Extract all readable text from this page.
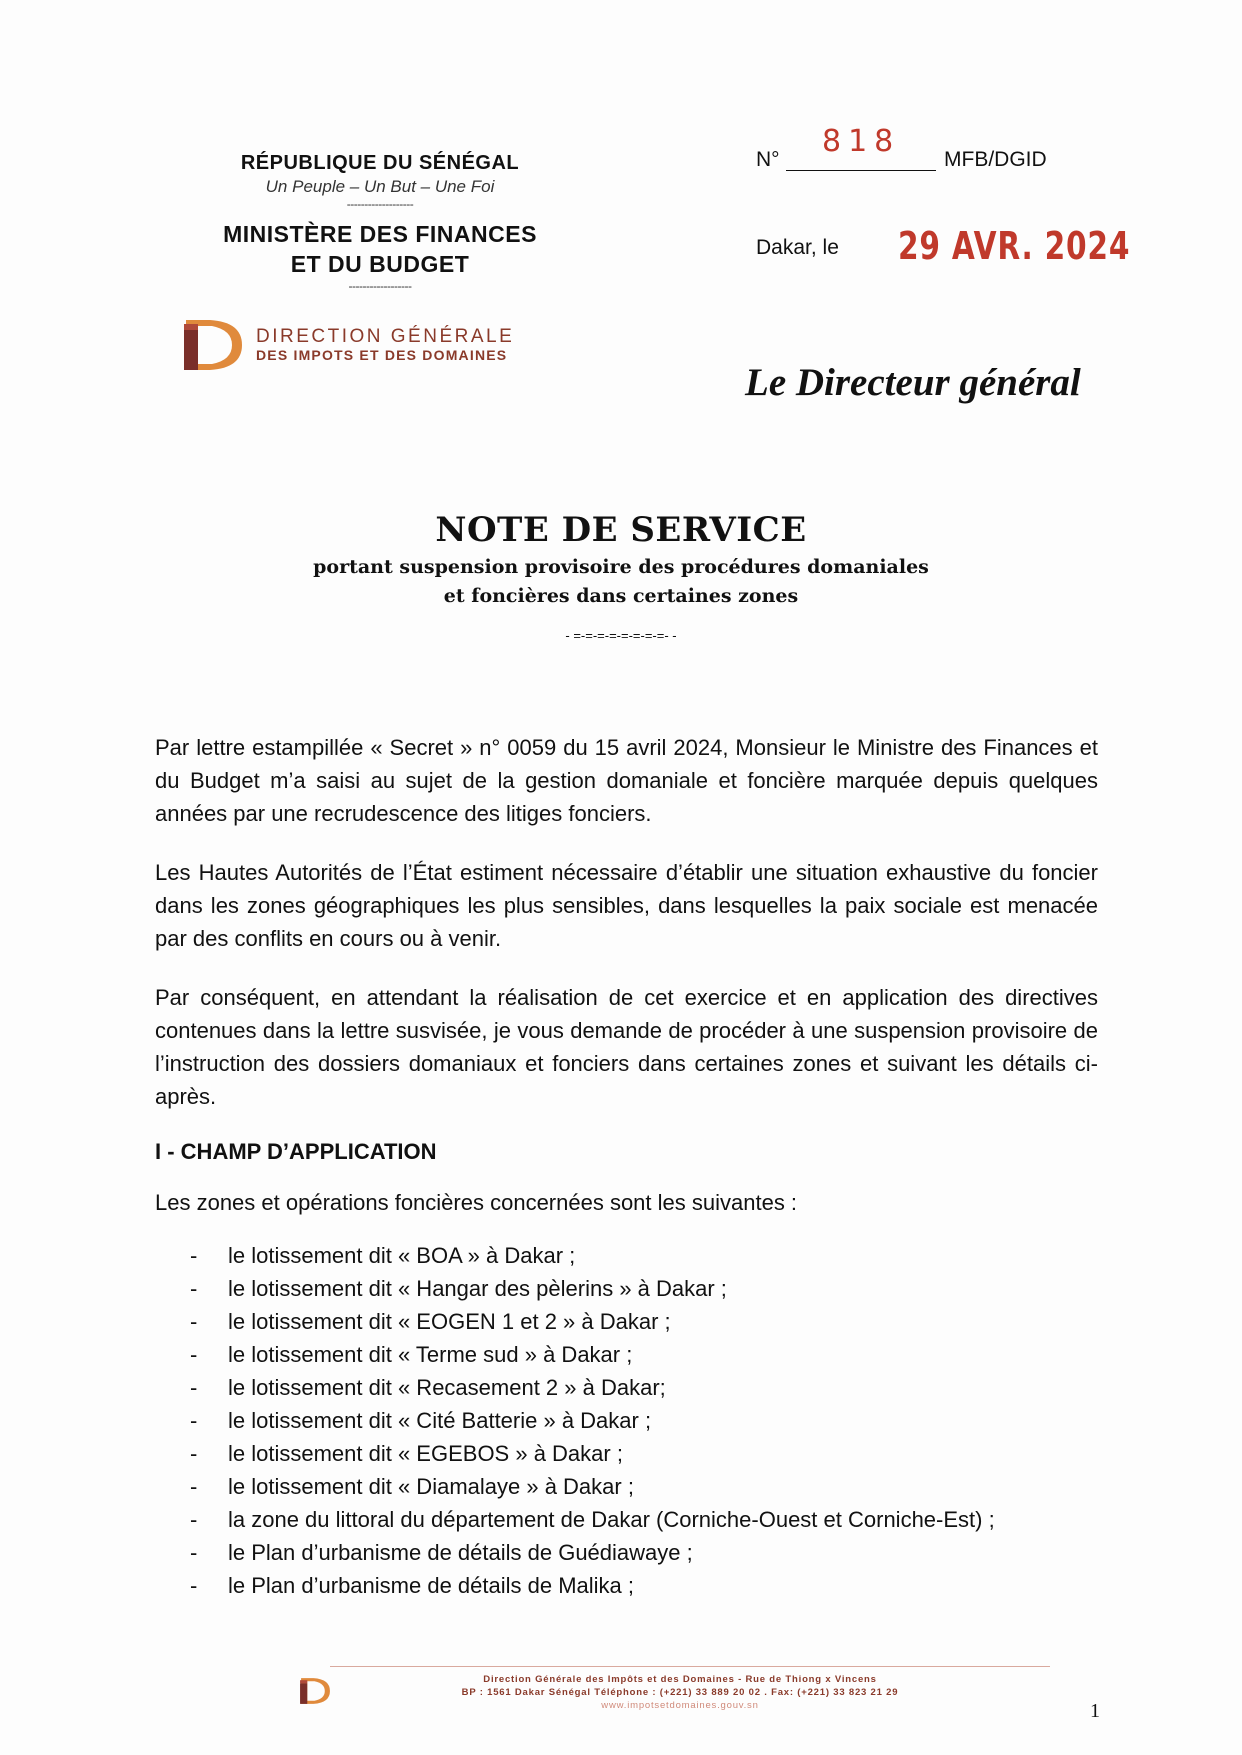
RÉPUBLIQUE DU SÉNÉGAL
Un Peuple – Un But – Une Foi
-------------------
MINISTÈRE DES FINANCES
ET DU BUDGET
------------------
DIRECTION GÉNÉRALE
DES IMPOTS ET DES DOMAINES
N°
818
MFB/DGID
Dakar, le 29 AVR. 2024
Le Directeur général
NOTE DE SERVICE
portant suspension provisoire des procédures domaniales
et foncières dans certaines zones
- =-=-=-=-=-=-=-=- -

Par lettre estampillée « Secret » n° 0059 du 15 avril 2024, Monsieur le Ministre des Finances et du Budget m’a saisi au sujet de la gestion domaniale et foncière marquée depuis quelques années par une recrudescence des litiges fonciers.

Les Hautes Autorités de l’État estiment nécessaire d’établir une situation exhaustive du foncier dans les zones géographiques les plus sensibles, dans lesquelles la paix sociale est menacée par des conflits en cours ou à venir.

Par conséquent, en attendant la réalisation de cet exercice et en application des directives contenues dans la lettre susvisée, je vous demande de procéder à une suspension provisoire de l’instruction des dossiers domaniaux et fonciers dans certaines zones et suivant les détails ci-après.

I - CHAMP D’APPLICATION

Les zones et opérations foncières concernées sont les suivantes :

- le lotissement dit « BOA » à Dakar ;
- le lotissement dit « Hangar des pèlerins » à Dakar ;
- le lotissement dit « EOGEN 1 et 2 » à Dakar ;
- le lotissement dit « Terme sud » à Dakar ;
- le lotissement dit « Recasement 2 » à Dakar;
- le lotissement dit « Cité Batterie » à Dakar ;
- le lotissement dit « EGEBOS » à Dakar ;
- le lotissement dit « Diamalaye » à Dakar ;
- la zone du littoral du département de Dakar (Corniche-Ouest et Corniche-Est) ;
- le Plan d’urbanisme de détails de Guédiawaye ;
- le Plan d’urbanisme de détails de Malika ;
Direction Générale des Impôts et des Domaines - Rue de Thiong x Vincens
BP : 1561 Dakar Sénégal Téléphone : (+221) 33 889 20 02 . Fax: (+221) 33 823 21 29
www.impotsetdomaines.gouv.sn	1
